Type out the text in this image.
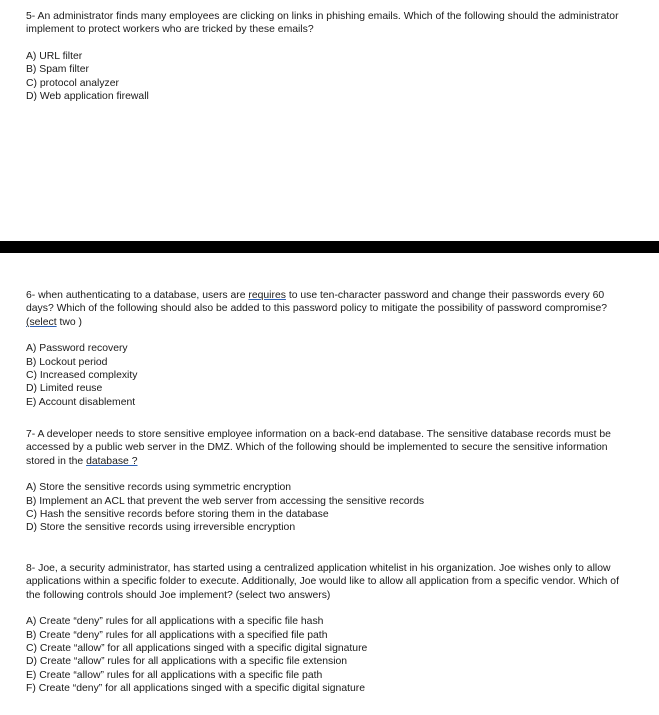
5- An administrator finds many employees are clicking on links in phishing emails. Which of the following should the administrator implement to protect workers who are tricked by these emails?

A) URL filter
B) Spam filter
C) protocol analyzer
D) Web application firewall

6- when authenticating to a database, users are requires to use ten-character password and change their passwords every 60 days? Which of the following should also be added to this password policy to mitigate the possibility of password compromise? (select two )

A) Password recovery
B) Lockout period
C) Increased complexity
D) Limited reuse
E) Account disablement

7- A developer needs to store sensitive employee information on a back-end database. The sensitive database records must be accessed by a public web server in the DMZ. Which of the following should be implemented to secure the sensitive information stored in the database ?

A) Store the sensitive records using symmetric encryption
B) Implement an ACL that prevent the web server from accessing the sensitive records
C) Hash the sensitive records before storing them in the database
D) Store the sensitive records using irreversible encryption

8- Joe, a security administrator, has started using a centralized application whitelist in his organization. Joe wishes only to allow applications within a specific folder to execute. Additionally, Joe would like to allow all application from a specific vendor. Which of the following controls should Joe implement? (select two answers)

A) Create “deny” rules for all applications with a specific file hash
B) Create “deny” rules for all applications with a specified file path
C) Create “allow” for all applications singed with a specific digital signature
D) Create “allow” rules for all applications with a specific file extension
E) Create “allow” rules for all applications with a specific file path
F) Create “deny” for all applications singed with a specific digital signature
